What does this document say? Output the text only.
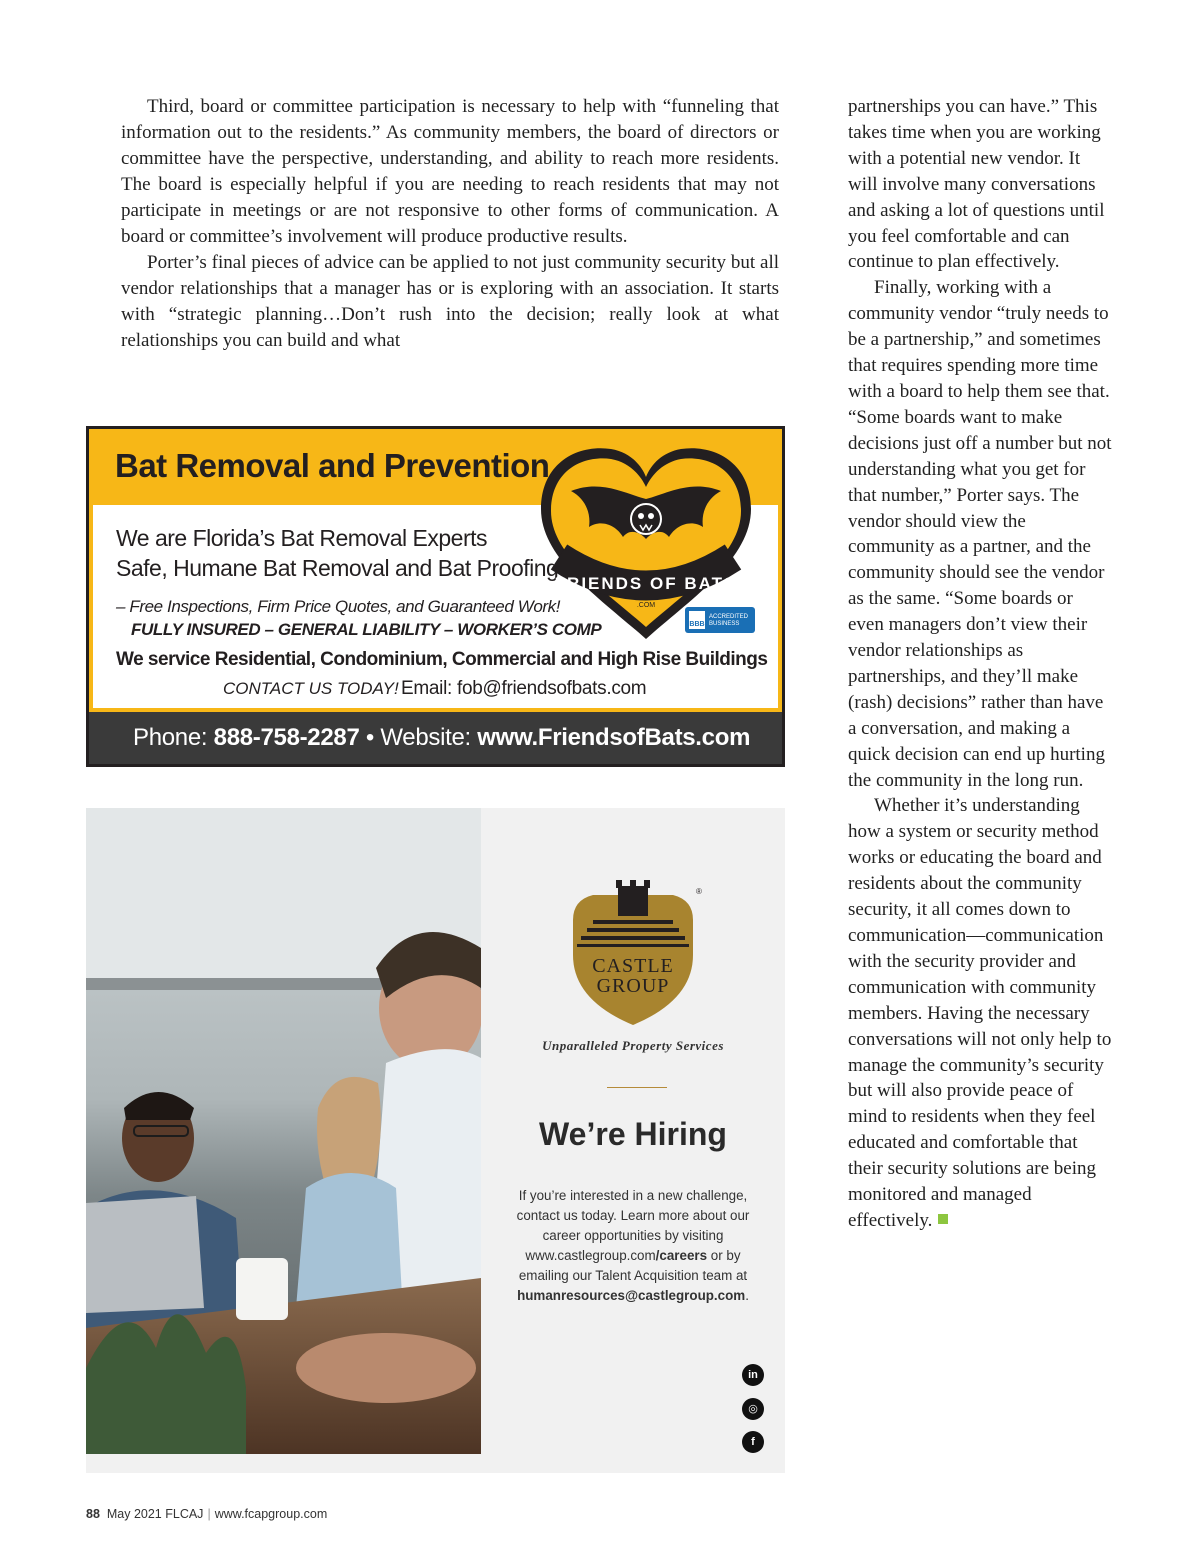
Third, board or committee participation is necessary to help with “funneling that information out to the residents.” As community members, the board of directors or committee have the perspective, understanding, and ability to reach more residents. The board is especially helpful if you are needing to reach residents that may not participate in meetings or are not responsive to other forms of communication. A board or committee’s involvement will produce productive results.

Porter’s final pieces of advice can be applied to not just community security but all vendor relationships that a manager has or is exploring with an association. It starts with “strategic planning…Don’t rush into the decision; really look at what relationships you can build and what

partnerships you can have.” This takes time when you are working with a potential new vendor. It will involve many conversations and asking a lot of questions until you feel comfortable and can continue to plan effectively.

Finally, working with a community vendor “truly needs to be a partnership,” and sometimes that requires spending more time with a board to help them see that. “Some boards want to make decisions just off a number but not understanding what you get for that number,” Porter says. The vendor should view the community as a partner, and the community should see the vendor as the same. “Some boards or even managers don’t view their vendor relationships as partnerships, and they’ll make (rash) decisions” rather than have a conversation, and making a quick decision can end up hurting the community in the long run.

Whether it’s understanding how a system or security method works or educating the board and residents about the community security, it all comes down to communication—communication with the security provider and communication with community members. Having the necessary conversations will not only help to manage the community’s security but will also provide peace of mind to residents when they feel educated and comfortable that their security solutions are being monitored and managed effectively.

Bat Removal and Prevention
We are Florida’s Bat Removal Experts
Safe, Humane Bat Removal and Bat Proofing
– Free Inspections, Firm Price Quotes, and Guaranteed Work!
FULLY INSURED – GENERAL LIABILITY – WORKER’S COMP
We service Residential, Condominium, Commercial and High Rise Buildings
CONTACT US TODAY! Email: fob@friendsofbats.com
FRIENDS OF BATS
.COM
BBB
ACCREDITED
BUSINESS
Phone: 888-758-2287 • Website: www.FriendsofBats.com
CASTLE
GROUP
®
Unparalleled Property Services
We’re Hiring
If you’re interested in a new challenge, contact us today. Learn more about our career opportunities by visiting www.castlegroup.com/careers or by emailing our Talent Acquisition team at humanresources@castlegroup.com.
in
◎
f
88 May 2021 FLCAJ | www.fcapgroup.com
